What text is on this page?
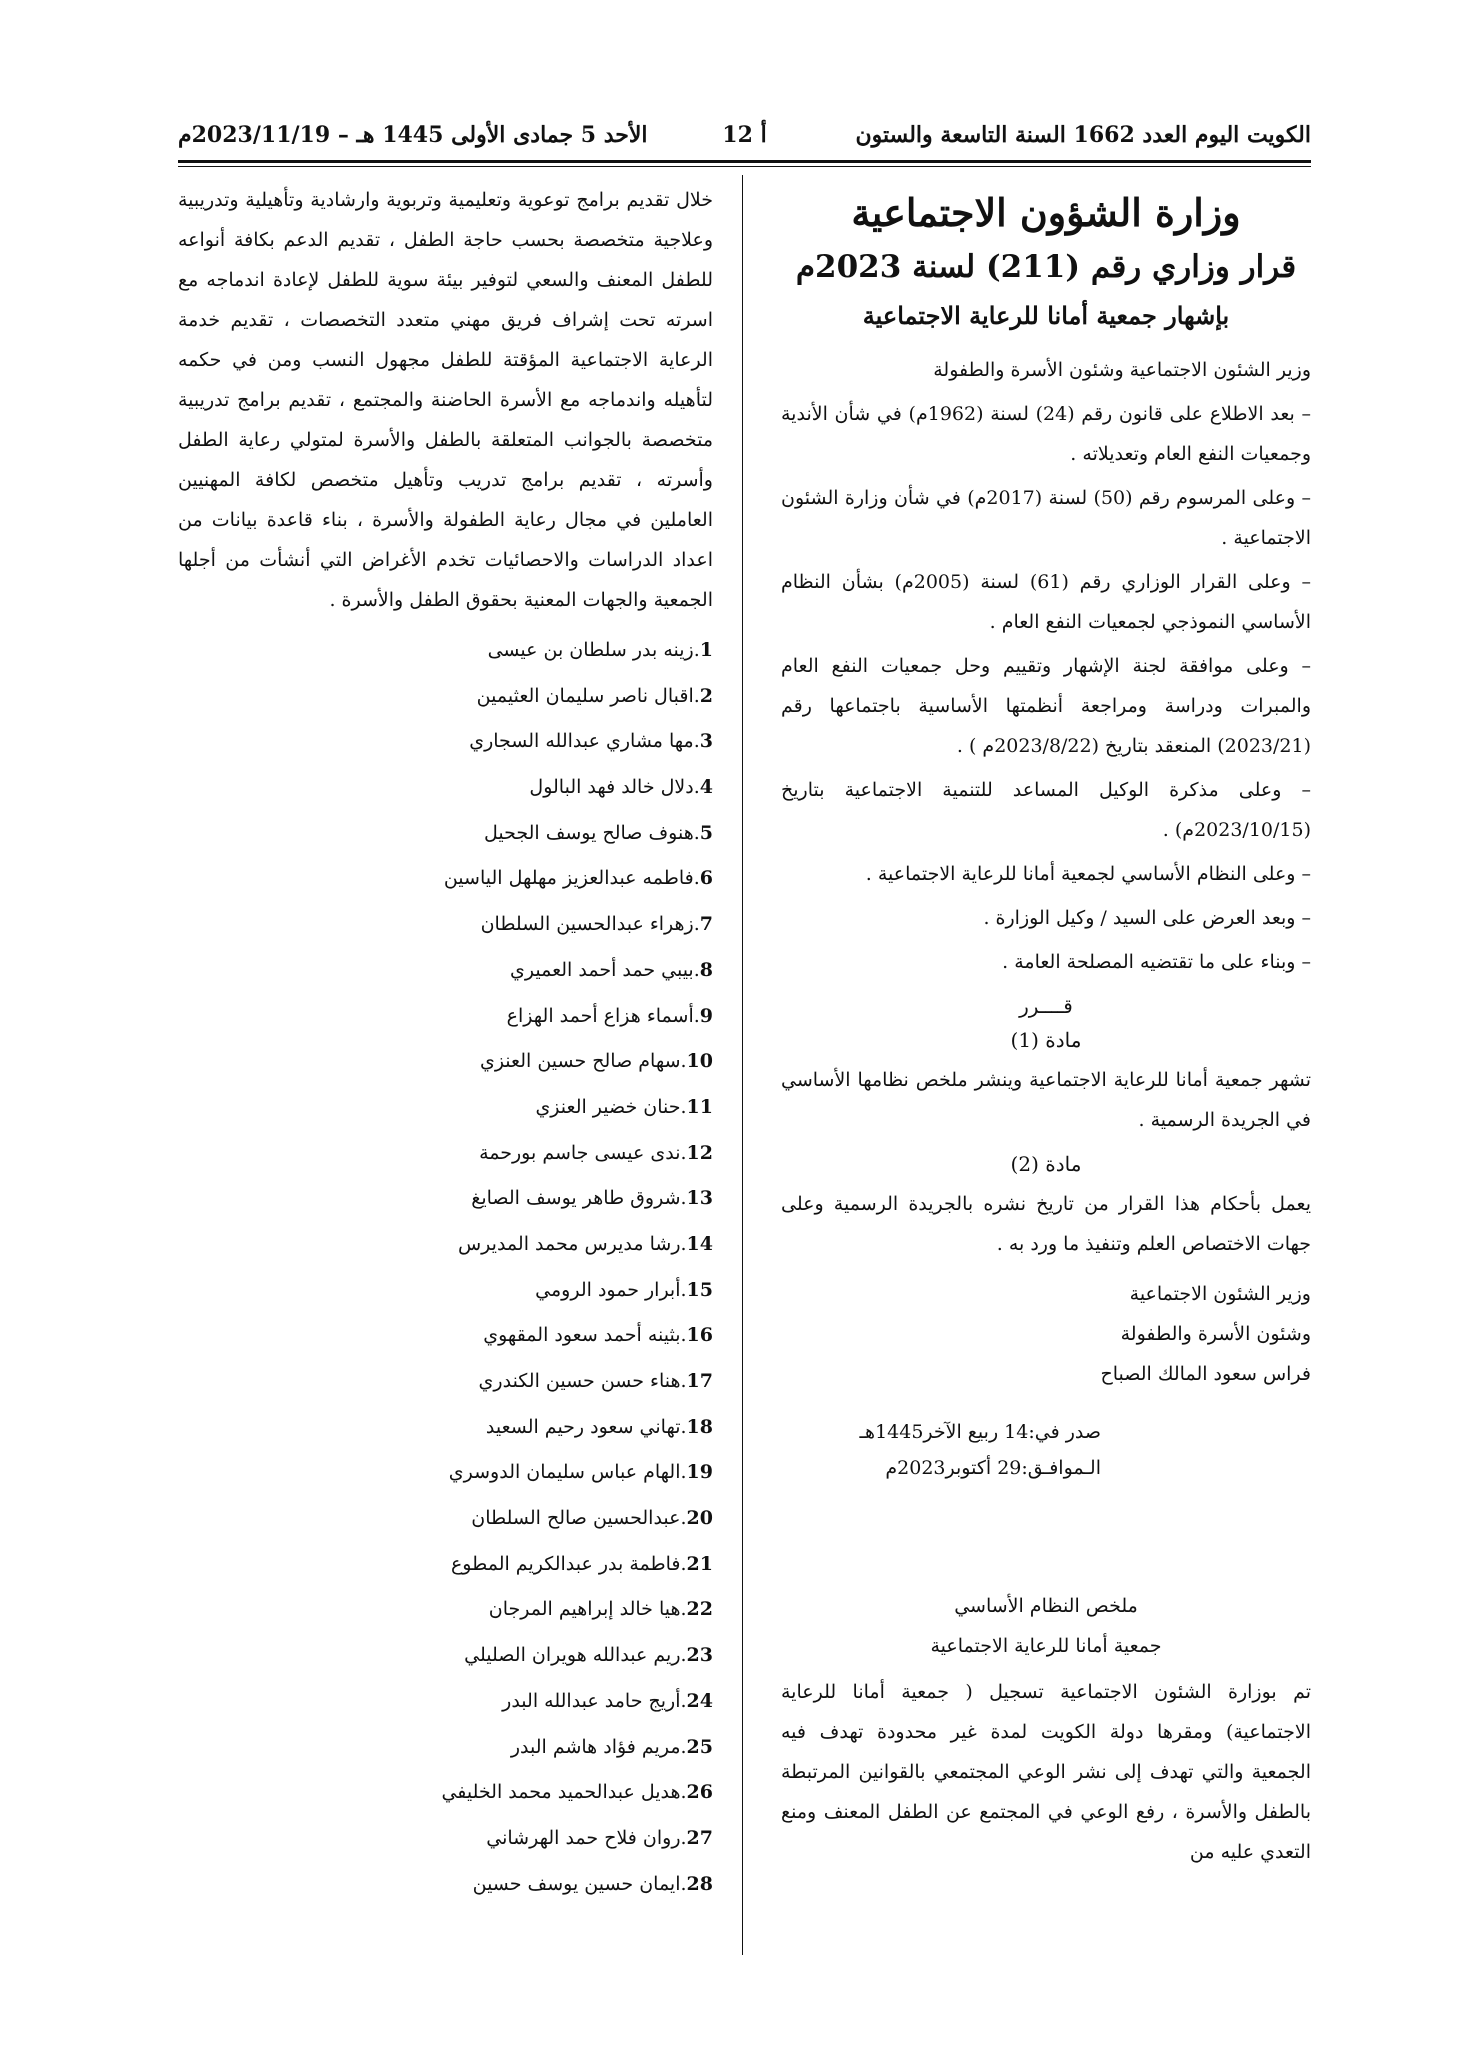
الكويت اليوم العدد 1662 السنة التاسعة والستون
أ 12
الأحد 5 جمادى الأولى 1445 هـ – 2023/11/19م
وزارة الشؤون الاجتماعية
قرار وزاري رقم (211) لسنة 2023م
بإشهار جمعية أمانا للرعاية الاجتماعية

وزير الشئون الاجتماعية وشئون الأسرة والطفولة

– بعد الاطلاع على قانون رقم (24) لسنة (1962م) في شأن الأندية وجمعيات النفع العام وتعديلاته .

– وعلى المرسوم رقم (50) لسنة (2017م) في شأن وزارة الشئون الاجتماعية .

– وعلى القرار الوزاري رقم (61) لسنة (2005م) بشأن النظام الأساسي النموذجي لجمعيات النفع العام .

– وعلى موافقة لجنة الإشهار وتقييم وحل جمعيات النفع العام والمبرات ودراسة ومراجعة أنظمتها الأساسية باجتماعها رقم (2023/21) المنعقد بتاريخ (2023/8/22م ) .

– وعلى مذكرة الوكيل المساعد للتنمية الاجتماعية بتاريخ (2023/10/15م) .

– وعلى النظام الأساسي لجمعية أمانا للرعاية الاجتماعية .

– وبعد العرض على السيد / وكيل الوزارة .

– وبناء على ما تقتضيه المصلحة العامة .

قــــرر

مادة (1)

تشهر جمعية أمانا للرعاية الاجتماعية وينشر ملخص نظامها الأساسي في الجريدة الرسمية .

مادة (2)

يعمل بأحكام هذا القرار من تاريخ نشره بالجريدة الرسمية وعلى جهات الاختصاص العلم وتنفيذ ما ورد به .

وزير الشئون الاجتماعية

وشئون الأسرة والطفولة

فراس سعود المالك الصباح

صدر في:14 ربيع الآخر1445هـ

الـموافـق:29 أكتوبر2023م

ملخص النظام الأساسي

جمعية أمانا للرعاية الاجتماعية

تم بوزارة الشئون الاجتماعية تسجيل ( جمعية أمانا للرعاية الاجتماعية) ومقرها دولة الكويت لمدة غير محدودة تهدف فيه الجمعية والتي تهدف إلى نشر الوعي المجتمعي بالقوانين المرتبطة بالطفل والأسرة ، رفع الوعي في المجتمع عن الطفل المعنف ومنع التعدي عليه من

خلال تقديم برامج توعوية وتعليمية وتربوية وارشادية وتأهيلية وتدريبية وعلاجية متخصصة بحسب حاجة الطفل ، تقديم الدعم بكافة أنواعه للطفل المعنف والسعي لتوفير بيئة سوية للطفل لإعادة اندماجه مع اسرته تحت إشراف فريق مهني متعدد التخصصات ، تقديم خدمة الرعاية الاجتماعية المؤقتة للطفل مجهول النسب ومن في حكمه لتأهيله واندماجه مع الأسرة الحاضنة والمجتمع ، تقديم برامج تدريبية متخصصة بالجوانب المتعلقة بالطفل والأسرة لمتولي رعاية الطفل وأسرته ، تقديم برامج تدريب وتأهيل متخصص لكافة المهنيين العاملين في مجال رعاية الطفولة والأسرة ، بناء قاعدة بيانات من اعداد الدراسات والاحصائيات تخدم الأغراض التي أنشأت من أجلها الجمعية والجهات المعنية بحقوق الطفل والأسرة .

1.زينه بدر سلطان بن عيسى
2.اقبال ناصر سليمان العثيمين
3.مها مشاري عبدالله السجاري
4.دلال خالد فهد البالول
5.هنوف صالح يوسف الجحيل
6.فاطمه عبدالعزيز مهلهل الياسين
7.زهراء عبدالحسين السلطان
8.بيبي حمد أحمد العميري
9.أسماء هزاع أحمد الهزاع
10.سهام صالح حسين العنزي
11.حنان خضير العنزي
12.ندى عيسى جاسم بورحمة
13.شروق طاهر يوسف الصايغ
14.رشا مديرس محمد المديرس
15.أبرار حمود الرومي
16.بثينه أحمد سعود المقهوي
17.هناء حسن حسين الكندري
18.تهاني سعود رحيم السعيد
19.الهام عباس سليمان الدوسري
20.عبدالحسين صالح السلطان
21.فاطمة بدر عبدالكريم المطوع
22.هيا خالد إبراهيم المرجان
23.ريم عبدالله هويران الصليلي
24.أريج حامد عبدالله البدر
25.مريم فؤاد هاشم البدر
26.هديل عبدالحميد محمد الخليفي
27.روان فلاح حمد الهرشاني
28.ايمان حسين يوسف حسين
